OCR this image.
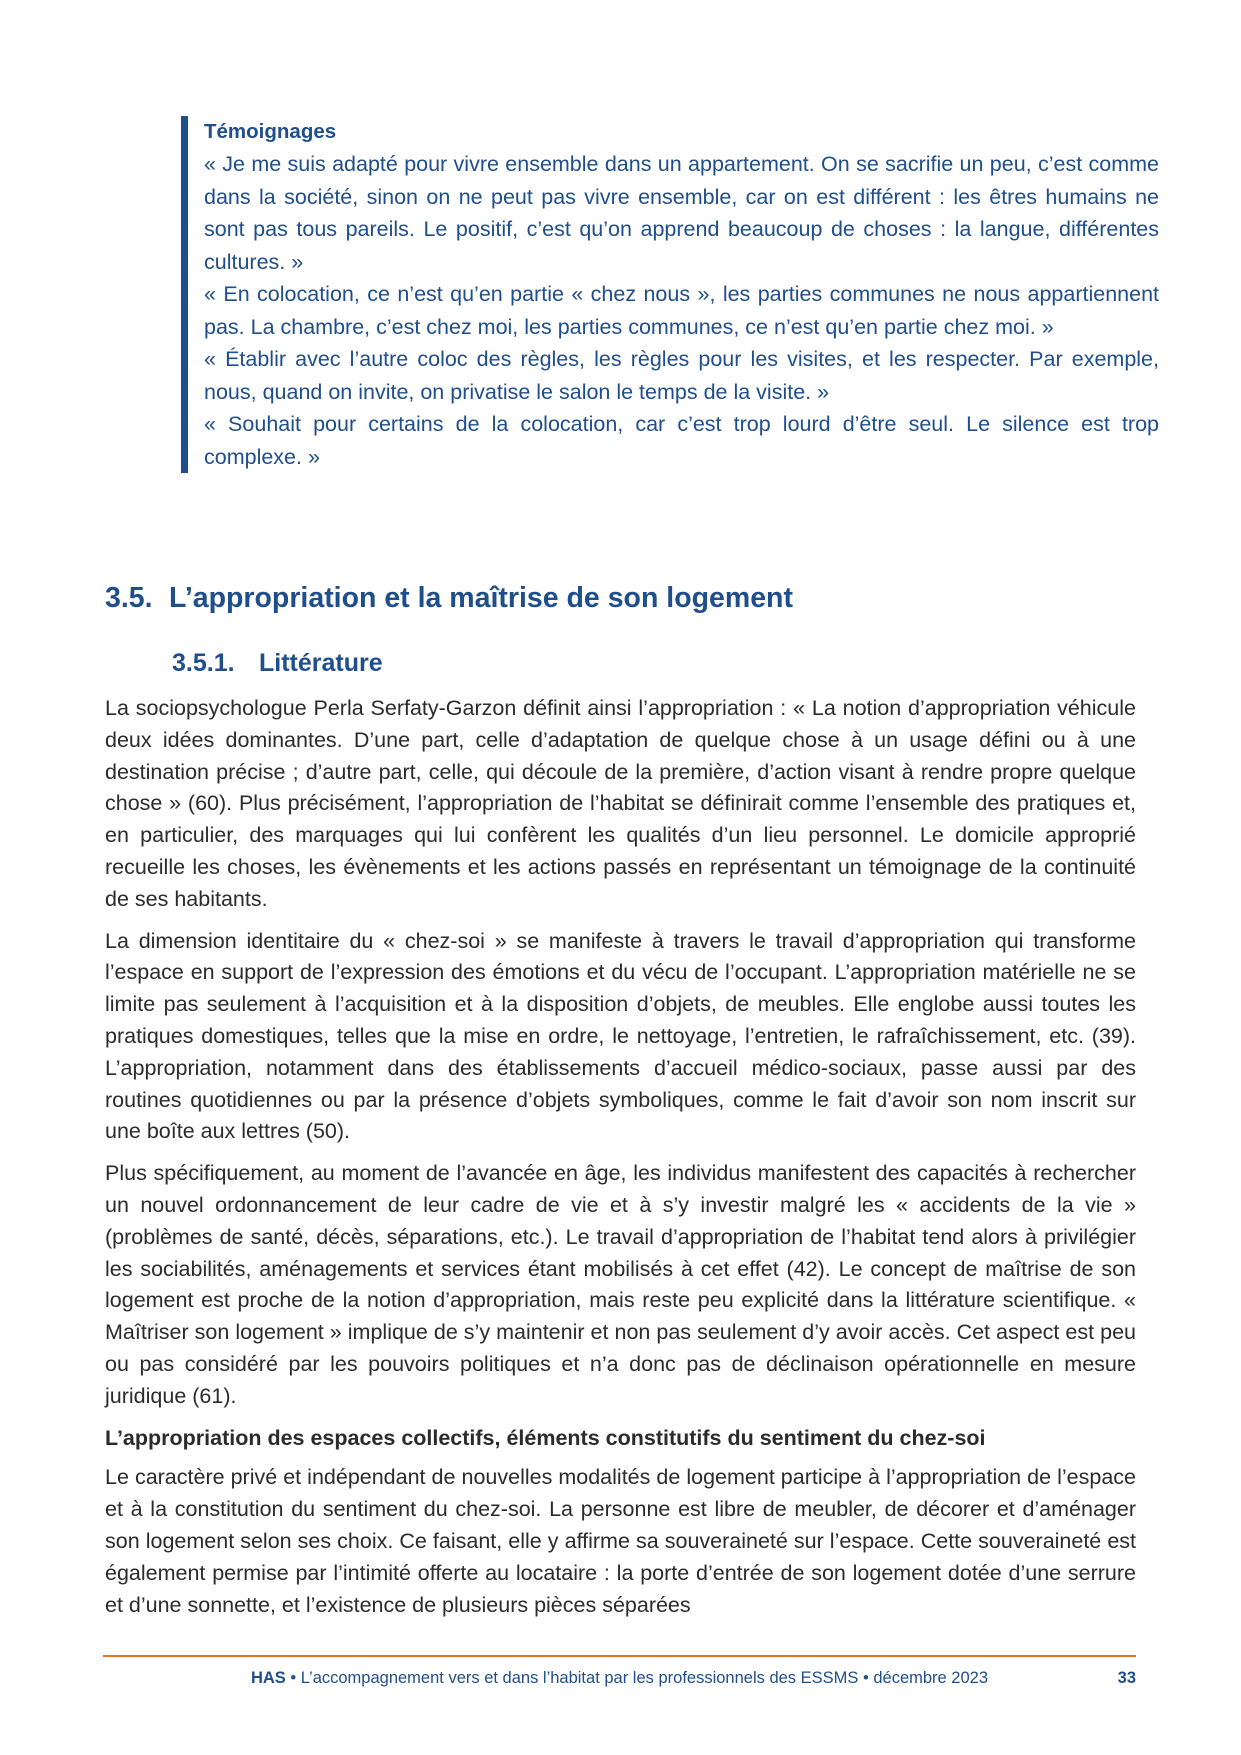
Témoignages

« Je me suis adapté pour vivre ensemble dans un appartement. On se sacrifie un peu, c’est comme dans la société, sinon on ne peut pas vivre ensemble, car on est différent : les êtres humains ne sont pas tous pareils. Le positif, c’est qu’on apprend beaucoup de choses : la langue, différentes cultures. »

« En colocation, ce n’est qu’en partie « chez nous », les parties communes ne nous appartiennent pas. La chambre, c’est chez moi, les parties communes, ce n’est qu’en partie chez moi. »

« Établir avec l’autre coloc des règles, les règles pour les visites, et les respecter. Par exemple, nous, quand on invite, on privatise le salon le temps de la visite. »

« Souhait pour certains de la colocation, car c’est trop lourd d’être seul. Le silence est trop complexe. »

3.5. L’appropriation et la maîtrise de son logement
3.5.1. Littérature

La sociopsychologue Perla Serfaty-Garzon définit ainsi l’appropriation : « La notion d’appropriation véhicule deux idées dominantes. D’une part, celle d’adaptation de quelque chose à un usage défini ou à une destination précise ; d’autre part, celle, qui découle de la première, d’action visant à rendre propre quelque chose » (60). Plus précisément, l’appropriation de l’habitat se définirait comme l’ensemble des pratiques et, en particulier, des marquages qui lui confèrent les qualités d’un lieu personnel. Le domicile approprié recueille les choses, les évènements et les actions passés en représentant un témoignage de la continuité de ses habitants.

La dimension identitaire du « chez-soi » se manifeste à travers le travail d’appropriation qui transforme l’espace en support de l’expression des émotions et du vécu de l’occupant. L’appropriation matérielle ne se limite pas seulement à l’acquisition et à la disposition d’objets, de meubles. Elle englobe aussi toutes les pratiques domestiques, telles que la mise en ordre, le nettoyage, l’entretien, le rafraîchissement, etc. (39). L’appropriation, notamment dans des établissements d’accueil médico-sociaux, passe aussi par des routines quotidiennes ou par la présence d’objets symboliques, comme le fait d’avoir son nom inscrit sur une boîte aux lettres (50).

Plus spécifiquement, au moment de l’avancée en âge, les individus manifestent des capacités à rechercher un nouvel ordonnancement de leur cadre de vie et à s’y investir malgré les « accidents de la vie » (problèmes de santé, décès, séparations, etc.). Le travail d’appropriation de l’habitat tend alors à privilégier les sociabilités, aménagements et services étant mobilisés à cet effet (42). Le concept de maîtrise de son logement est proche de la notion d’appropriation, mais reste peu explicité dans la littérature scientifique. « Maîtriser son logement » implique de s’y maintenir et non pas seulement d’y avoir accès. Cet aspect est peu ou pas considéré par les pouvoirs politiques et n’a donc pas de déclinaison opérationnelle en mesure juridique (61).

L’appropriation des espaces collectifs, éléments constitutifs du sentiment du chez-soi

Le caractère privé et indépendant de nouvelles modalités de logement participe à l’appropriation de l’espace et à la constitution du sentiment du chez-soi. La personne est libre de meubler, de décorer et d’aménager son logement selon ses choix. Ce faisant, elle y affirme sa souveraineté sur l’espace. Cette souveraineté est également permise par l’intimité offerte au locataire : la porte d’entrée de son logement dotée d’une serrure et d’une sonnette, et l’existence de plusieurs pièces séparées

HAS • L’accompagnement vers et dans l’habitat par les professionnels des ESSMS • décembre 2023	33
